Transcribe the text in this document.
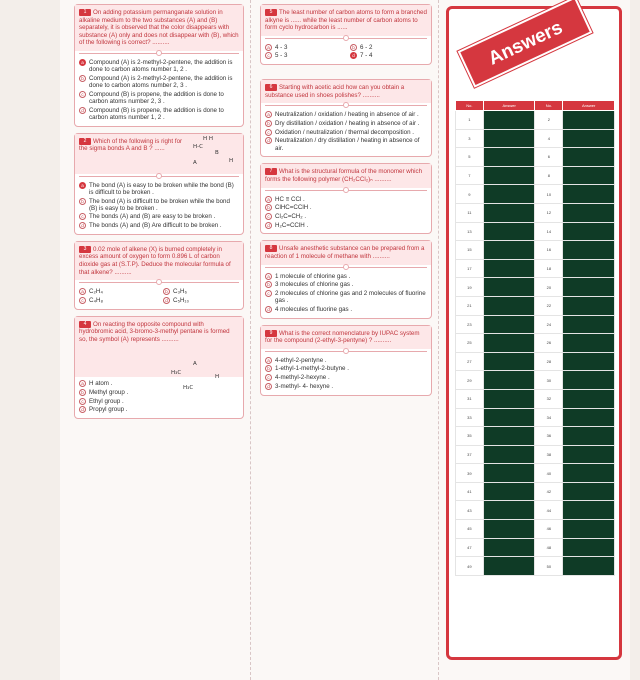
1 On adding potassium permanganate solution in alkaline medium to the two substances (A) and (B) separately, it is observed that the color disappears with substance (A) only and does not disappear with (B), which of the following is correct? ..........
a Compound (A) is 2-methyl-2-pentene, the addition is done to carbon atoms number 1, 2 .
b Compound (A) is 2-methyl-2-pentene, the addition is done to carbon atoms number 2, 3 .
c Compound (B) is propene, the addition is done to carbon atoms number 2, 3 .
d Compound (B) is propene, the addition is done to carbon atoms number 1, 2 .
2 Which of the following is right for the sigma bonds A and B ? ......
H H
H-C
B
A	H
a The bond (A) is easy to be broken while the bond (B) is difficult to be broken .
b The bond (A) is difficult to be broken while the bond (B) is easy to be broken .
c The bonds (A) and (B) are easy to be broken .
d The bonds (A) and (B) Are difficult to be broken .
3 0.02 mole of alkene (X) is burned completely in excess amount of oxygen to form 0.896 L of carbon dioxide gas at (S.T.P). Deduce the molecular formula of that alkene? ..........
a C₂H₄	b C₃H₆
c C₄H₈	d C₅H₁₀
4 On reacting the opposite compound with hydrobromic acid, 3-bromo-3-methyl pentane is formed so, the symbol (A) represents ..........
A
H₃C
H
H₃C
a H atom .
b Methyl group .
c Ethyl group .
d Propyl group .
5 The least number of carbon atoms to form a branched alkyne is ...... while the least number of carbon atoms to form cyclo hydrocarbon is ......
a 4 - 3	b 6 - 2
c 5 - 3	d 7 - 4
6 Starting with acetic acid how can you obtain a substance used in shoes polishes? ..........
a Neutralization / oxidation / heating in absence of air .
b Dry distillation / oxidation / heating in absence of air .
c Oxidation / neutralization / thermal decomposition .
d Neutralization / dry distillation / heating in absence of air.
7 What is the structural formula of the monomer which forms the following polymer (CH₂CCl₂)ₙ ..........
a HC ≡ CCl .
b ClHC=CClH .
c Cl₂C=CH₂ .
d H₂C=CClH .
8 Unsafe anesthetic substance can be prepared from a reaction of 1 molecule of methane with ..........
a 1 molecule of chlorine gas .
b 3 molecules of chlorine gas .
c 2 molecules of chlorine gas and 2 molecules of fluorine gas .
d 4 molecules of fluorine gas .
9 What is the correct nomenclature by IUPAC system for the compound (2-ethyl-3-pentyne) ? ..........
a 4-ethyl-2-pentyne .
b 1-ethyl-1-methyl-2-butyne .
c 4-methyl-2-hexyne .
d 3-methyl- 4- hexyne .
Answers
No.	Answer	No.	Answer
1		2	
3		4	
5		6	
7		8	
9		10	
11		12	
13		14	
15		16	
17		18	
19		20	
21		22	
23		24	
25		26	
27		28	
29		30	
31		32	
33		34	
35		36	
37		38	
39		40	
41		42	
43		44	
45		46	
47		48	
49		50	
